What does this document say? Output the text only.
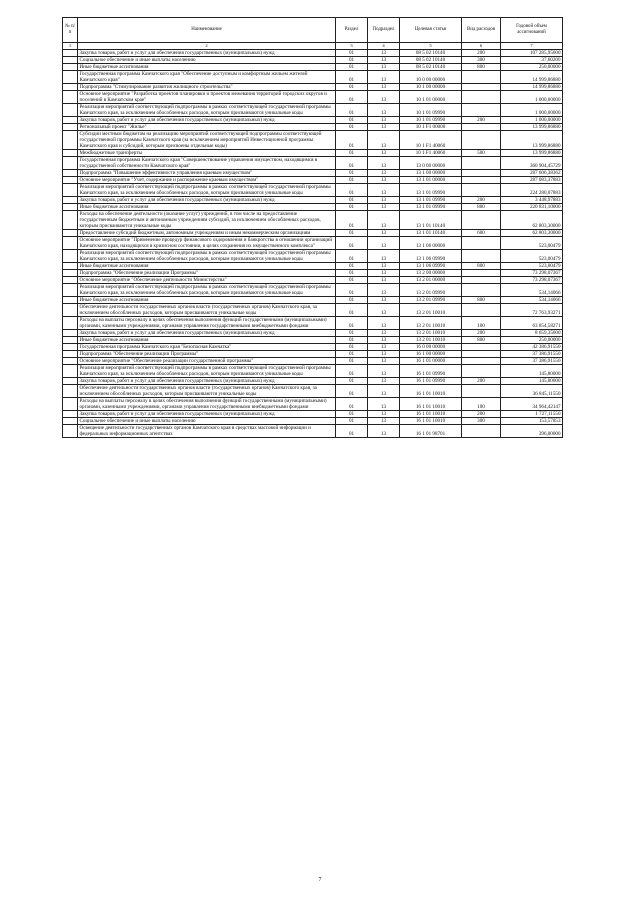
№ п/п	Наименование	Раздел	Подраздел	Целевая статья	Вид расходов	Годовой объем ассигнований
1	2	3	4	5	6	7
	Закупка товаров, работ и услуг для обеспечения государственных (муниципальных) нужд	01	13	08 5 02 10140	200	107 285,95000
	Социальное обеспечение и иные выплаты населению	01	13	08 5 02 10140	300	37,60200
	Иные бюджетные ассигнования	01	13	08 5 02 10140	800	250,00000
	Государственная программа Камчатского края "Обеспечение доступным и комфортным жильем жителей Камчатского края"	01	13	10 0 00 00000		14 999,86880
	Подпрограмма "Стимулирование развития жилищного строительства"	01	13	10 1 00 00000		14 999,86880
	Основное мероприятие "Разработка проектов планировки и проектов межевания территорий городских округов и поселений в Камчатском крае"	01	13	10 1 01 00000		1 000,00000
	Реализация мероприятий соответствующей подпрограммы в рамках соответствующей государственной программы Камчатского края, за исключением обособленных расходов, которым присваиваются уникальные коды	01	13	10 1 01 09990		1 000,00000
	Закупка товаров, работ и услуг для обеспечения государственных (муниципальных) нужд	01	13	10 1 01 09990	200	1 000,00000
	Региональный проект "Жилье"	01	13	10 1 F1 00000		13 999,86880
	Субсидии местным бюджетам на реализацию мероприятий соответствующей подпрограммы соответствующей государственной программы Камчатского края (за исключением мероприятий Инвестиционной программы Камчатского края и субсидий, которым присвоены отдельные коды)	01	13	10 1 F1 40060		13 999,86880
	Межбюджетные трансферты	01	13	10 1 F1 40060	500	13 999,86880
	Государственная программа Камчатского края "Совершенствование управления имуществом, находящимся в государственной собственности Камчатского края"	01	13	13 0 00 00000		360 904,45729
	Подпрограмма "Повышение эффективности управления краевым имуществом"	01	13	13 1 00 00000		287 606,38362
	Основное мероприятие "Учет, содержание и распоряжение краевым имуществом"	01	13	13 1 01 00000		287 083,37883
	Реализация мероприятий соответствующей подпрограммы в рамках соответствующей государственной программы Камчатского края, за исключением обособленных расходов, которым присваиваются уникальные коды	01	13	13 1 01 09990		224 280,07883
	Закупка товаров, работ и услуг для обеспечения государственных (муниципальных) нужд	01	13	13 1 01 09990	200	3 448,97883
	Иные бюджетные ассигнования	01	13	13 1 01 09990	800	220 831,10000
	Расходы на обеспечение деятельности (оказание услуг) учреждений, в том числе на предоставление государственным бюджетным и автономным учреждениям субсидий, за исключением обособленных расходов, которым присваиваются уникальные коды	01	13	13 1 01 10140		62 803,30000
	Предоставление субсидий бюджетным, автономным учреждениям и иным некоммерческим организациям	01	13	13 1 01 10140	600	62 803,30000
	Основное мероприятие "Применение процедур финансового оздоровления и банкротства в отношении организаций Камчатского края, находящихся в кризисном состоянии, в целях сохранения их имущественного комплекса"	01	13	13 1 06 00000		523,00479
	Реализация мероприятий соответствующей подпрограммы в рамках соответствующей государственной программы Камчатского края, за исключением обособленных расходов, которым присваиваются уникальные коды	01	13	13 1 06 09990		523,00479
	Иные бюджетные ассигнования	01	13	13 1 06 09990	800	523,00479
	Подпрограмма "Обеспечение реализации Программы"	01	13	13 2 00 00000		73 298,07367
	Основное мероприятие "Обеспечение деятельности Министерства"	01	13	13 2 01 00000		73 298,07367
	Реализация мероприятий соответствующей подпрограммы в рамках соответствующей государственной программы Камчатского края, за исключением обособленных расходов, которым присваиваются уникальные коды	01	13	13 2 01 09990		534,14066
	Иные бюджетные ассигнования	01	13	13 2 01 09990	800	534,14066
	Обеспечение деятельности государственных органов власти (государственных органов) Камчатского края, за исключением обособленных расходов, которым присваиваются уникальные коды	01	13	13 2 01 10010		72 763,93271
	Расходы на выплаты персоналу в целях обеспечения выполнения функций государственными (муниципальными) органами, казенными учреждениями, органами управления государственными внебюджетными фондами	01	13	13 2 01 10010	100	63 854,58271
	Закупка товаров, работ и услуг для обеспечения государственных (муниципальных) нужд	01	13	13 2 01 10010	200	8 659,35000
	Иные бюджетные ассигнования	01	13	13 2 01 10010	800	250,00000
	Государственная программа Камчатского края "Безопасная Камчатка"	01	13	16 0 00 00000		42 386,91550
	Подпрограмма "Обеспечение реализации Программы"	01	13	16 1 00 00000		37 386,91550
	Основное мероприятие "Обеспечение реализации государственной программы"	01	13	16 1 01 00000		37 386,91550
	Реализация мероприятий соответствующей подпрограммы в рамках соответствующей государственной программы Камчатского края, за исключением обособленных расходов, которым присваиваются уникальные коды	01	13	16 1 01 09990		145,80000
	Закупка товаров, работ и услуг для обеспечения государственных (муниципальных) нужд	01	13	16 1 01 09990	200	145,80000
	Обеспечение деятельности государственных органов власти (государственных органов) Камчатского края, за исключением обособленных расходов, которым присваиваются уникальные коды	01	13	16 1 01 10010		36 845,11550
	Расходы на выплаты персоналу в целях обеспечения выполнения функций государственными (муниципальными) органами, казенными учреждениями, органами управления государственными внебюджетными фондами	01	13	16 1 01 10010	100	34 964,42147
	Закупка товаров, работ и услуг для обеспечения государственных (муниципальных) нужд	01	13	16 1 01 10010	200	1 727,11550
	Социальное обеспечение и иные выплаты населению	01	13	16 1 01 10010	300	153,57853
	Освещение деятельности государственных органов Камчатского края в средствах массовой информации и федеральных информационных агентствах	01	13	16 1 01 98701		396,00000
7
